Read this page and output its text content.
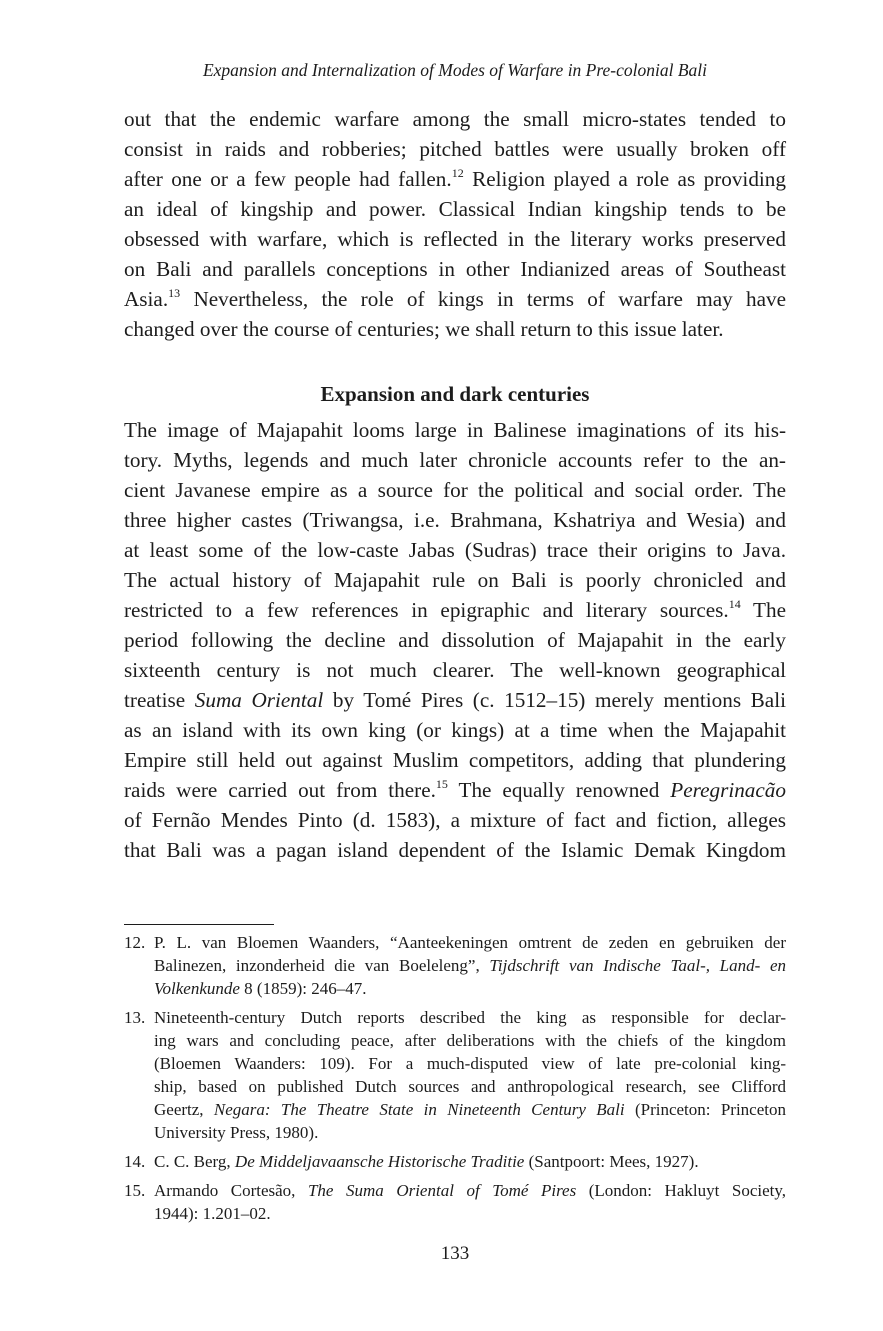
Expansion and Internalization of Modes of Warfare in Pre-colonial Bali
out that the endemic warfare among the small micro-states tended to
consist in raids and robberies; pitched battles were usually broken off
after one or a few people had fallen.$^{12}$ Religion played a role as providing
an ideal of kingship and power. Classical Indian kingship tends to be
obsessed with warfare, which is reflected in the literary works preserved
on Bali and parallels conceptions in other Indianized areas of Southeast
Asia.$^{13}$ Nevertheless, the role of kings in terms of warfare may have
changed over the course of centuries; we shall return to this issue later.
Expansion and dark centuries
The image of Majapahit looms large in Balinese imaginations of its his-
tory. Myths, legends and much later chronicle accounts refer to the an-
cient Javanese empire as a source for the political and social order. The
three higher castes (Triwangsa, i.e. Brahmana, Kshatriya and Wesia) and
at least some of the low-caste Jabas (Sudras) trace their origins to Java.
The actual history of Majapahit rule on Bali is poorly chronicled and
restricted to a few references in epigraphic and literary sources.$^{14}$ The
period following the decline and dissolution of Majapahit in the early
sixteenth century is not much clearer. The well-known geographical
treatise Suma Oriental by Tomé Pires (c. 1512–15) merely mentions Bali
as an island with its own king (or kings) at a time when the Majapahit
Empire still held out against Muslim competitors, adding that plundering
raids were carried out from there.$^{15}$ The equally renowned Peregrinacão
of Fernão Mendes Pinto (d. 1583), a mixture of fact and fiction, alleges
that Bali was a pagan island dependent of the Islamic Demak Kingdom
12. P. L. van Bloemen Waanders, “Aanteekeningen omtrent de zeden en gebruiken der
Balinezen, inzonderheid die van Boeleleng”, Tijdschrift van Indische Taal-, Land- en
Volkenkunde 8 (1859): 246–47.
13. Nineteenth-century Dutch reports described the king as responsible for declar-
ing wars and concluding peace, after deliberations with the chiefs of the kingdom
(Bloemen Waanders: 109). For a much-disputed view of late pre-colonial king-
ship, based on published Dutch sources and anthropological research, see Clifford
Geertz, Negara: The Theatre State in Nineteenth Century Bali (Princeton: Princeton
University Press, 1980).
14. C. C. Berg, De Middeljavaansche Historische Traditie (Santpoort: Mees, 1927).
15. Armando Cortesão, The Suma Oriental of Tomé Pires (London: Hakluyt Society,
1944): 1.201–02.
133
